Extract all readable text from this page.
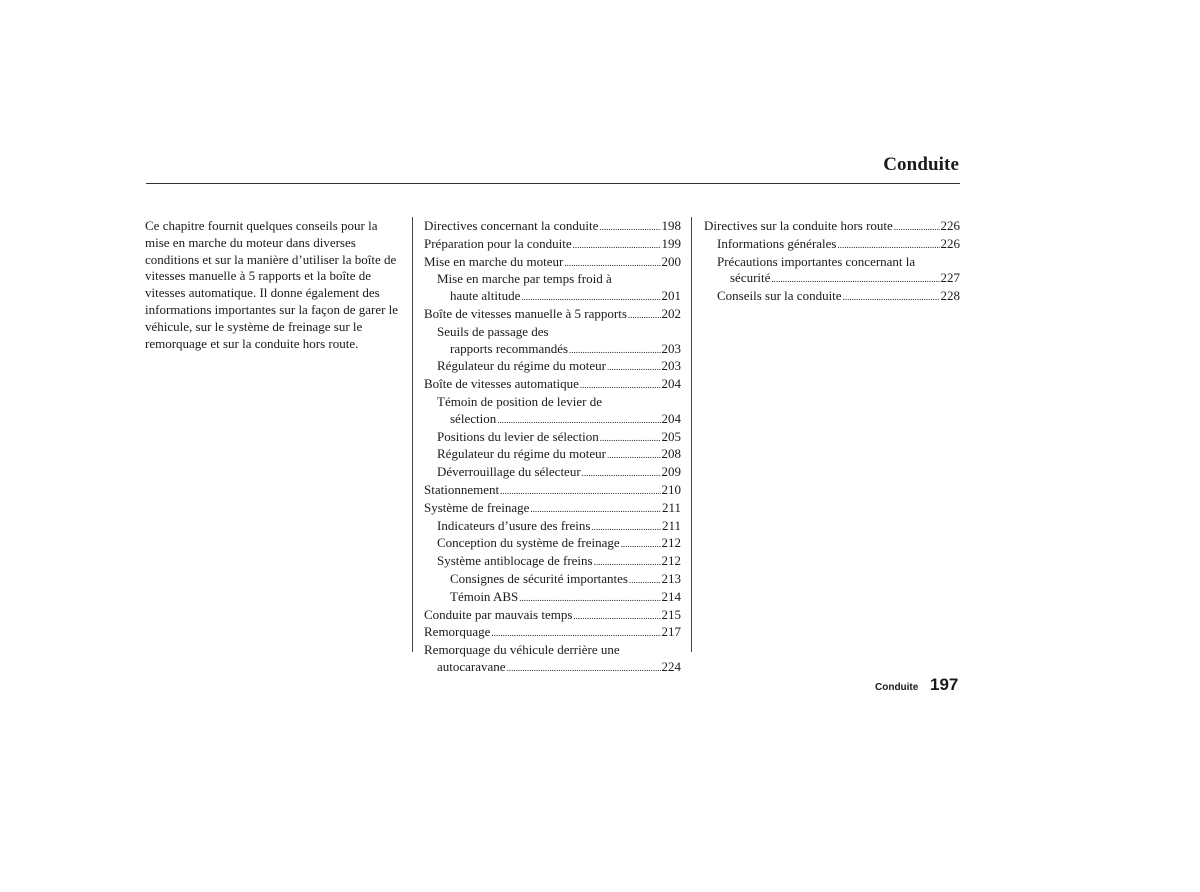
Conduite
Ce chapitre fournit quelques conseils pour la mise en marche du moteur dans diverses conditions et sur la manière d’utiliser la boîte de vitesses manuelle à 5 rapports et la boîte de vitesses automatique. Il donne également des informations importantes sur la façon de garer le véhicule, sur le système de freinage sur le remorquage et sur la conduite hors route.
Directives concernant la conduite .....	198
Préparation pour la conduite .....	199
Mise en marche du moteur .....	200
Mise en marche par temps froid à
haute altitude .....	201
Boîte de vitesses manuelle à 5 rapports .....	202
Seuils de passage des
rapports recommandés .....	203
Régulateur du régime du moteur .....	203
Boîte de vitesses automatique .....	204
Témoin de position de levier de
sélection .....	204
Positions du levier de sélection .....	205
Régulateur du régime du moteur .....	208
Déverrouillage du sélecteur .....	209
Stationnement .....	210
Système de freinage .....	211
Indicateurs d’usure des freins .....	211
Conception du système de freinage .....	212
Système antiblocage de freins .....	212
Consignes de sécurité importantes .....	213
Témoin ABS .....	214
Conduite par mauvais temps .....	215
Remorquage .....	217
Remorquage du véhicule derrière une
autocaravane .....	224
Directives sur la conduite hors route .....	226
Informations générales .....	226
Précautions importantes concernant la
sécurité .....	227
Conseils sur la conduite .....	228
Conduite 197
